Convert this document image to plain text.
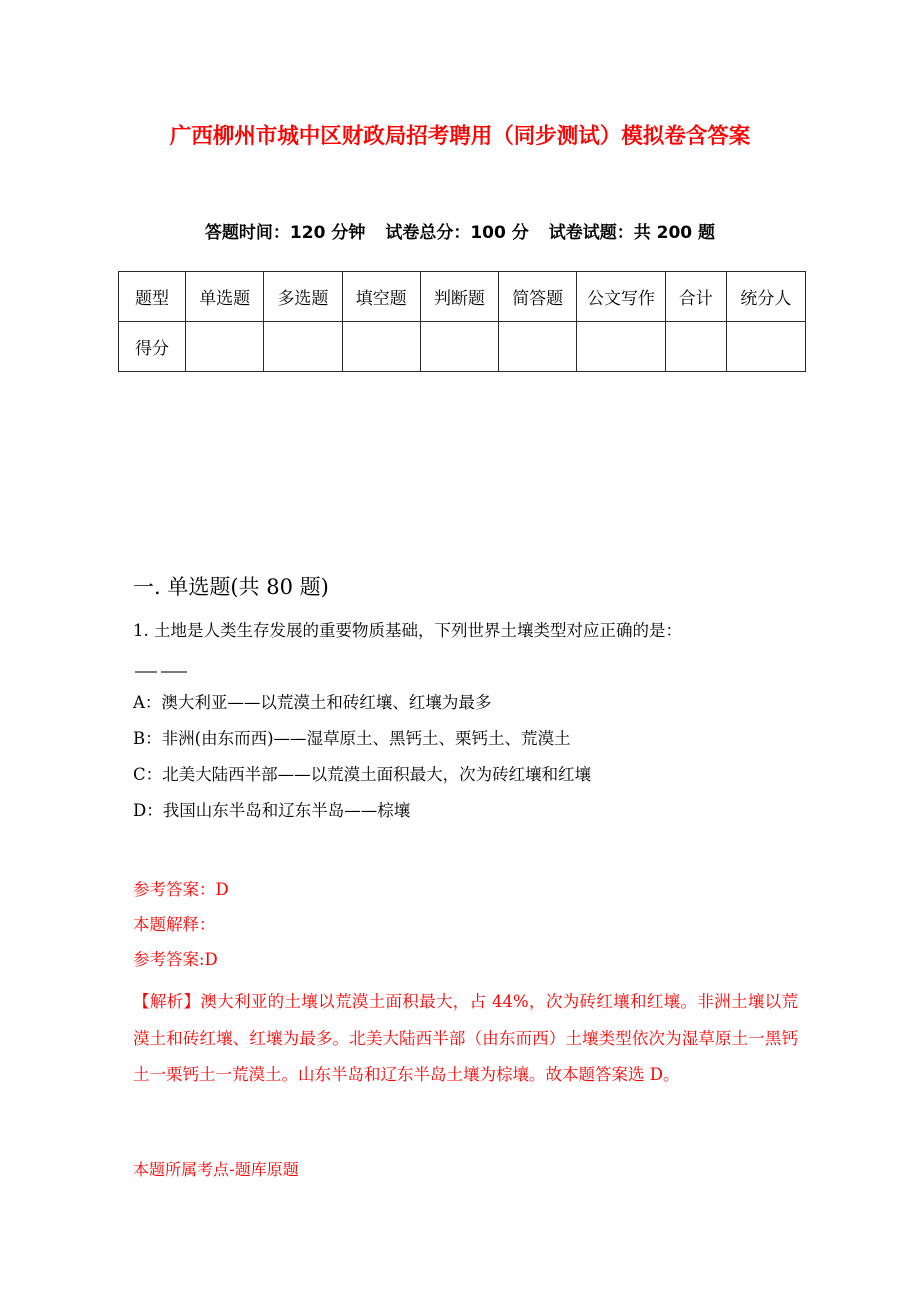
广西柳州市城中区财政局招考聘用（同步测试）模拟卷含答案
答题时间：120 分钟 试卷总分：100 分 试卷试题：共 200 题
题型	单选题	多选题	填空题	判断题	简答题	公文写作	合计	统分人
得分								
一. 单选题(共 80 题)
1. 土地是人类生存发展的重要物质基础，下列世界土壤类型对应正确的是：
A：澳大利亚——以荒漠土和砖红壤、红壤为最多
B：非洲(由东而西)——湿草原土、黑钙土、栗钙土、荒漠土
C：北美大陆西半部——以荒漠土面积最大，次为砖红壤和红壤
D：我国山东半岛和辽东半岛——棕壤
参考答案：D
本题解释：
参考答案:D
【解析】澳大利亚的土壤以荒漠土面积最大，占 44%，次为砖红壤和红壤。非洲土壤以荒漠土和砖红壤、红壤为最多。北美大陆西半部（由东而西）土壤类型依次为湿草原土一黑钙土一栗钙土一荒漠土。山东半岛和辽东半岛土壤为棕壤。故本题答案选 D。
本题所属考点-题库原题
